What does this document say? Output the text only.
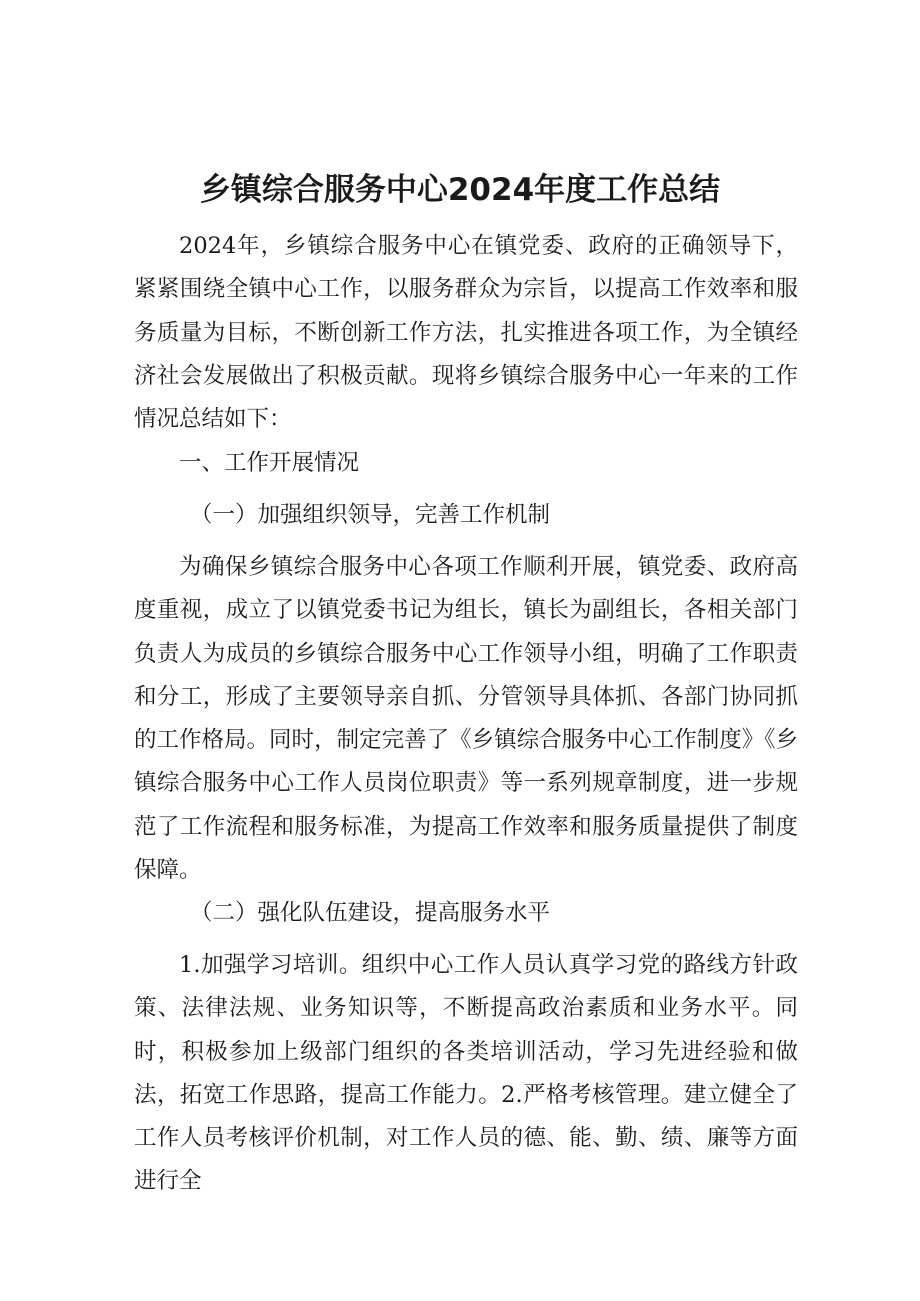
乡镇综合服务中心2024年度工作总结

2024年，乡镇综合服务中心在镇党委、政府的正确领导下，紧紧围绕全镇中心工作，以服务群众为宗旨，以提高工作效率和服务质量为目标，不断创新工作方法，扎实推进各项工作，为全镇经济社会发展做出了积极贡献。现将乡镇综合服务中心一年来的工作情况总结如下：

一、工作开展情况

（一）加强组织领导，完善工作机制

为确保乡镇综合服务中心各项工作顺利开展，镇党委、政府高度重视，成立了以镇党委书记为组长，镇长为副组长，各相关部门负责人为成员的乡镇综合服务中心工作领导小组，明确了工作职责和分工，形成了主要领导亲自抓、分管领导具体抓、各部门协同抓的工作格局。同时，制定完善了《乡镇综合服务中心工作制度》《乡镇综合服务中心工作人员岗位职责》等一系列规章制度，进一步规范了工作流程和服务标准，为提高工作效率和服务质量提供了制度保障。

（二）强化队伍建设，提高服务水平

1.加强学习培训。组织中心工作人员认真学习党的路线方针政策、法律法规、业务知识等，不断提高政治素质和业务水平。同时，积极参加上级部门组织的各类培训活动，学习先进经验和做法，拓宽工作思路，提高工作能力。2.严格考核管理。建立健全了工作人员考核评价机制，对工作人员的德、能、勤、绩、廉等方面进行全
